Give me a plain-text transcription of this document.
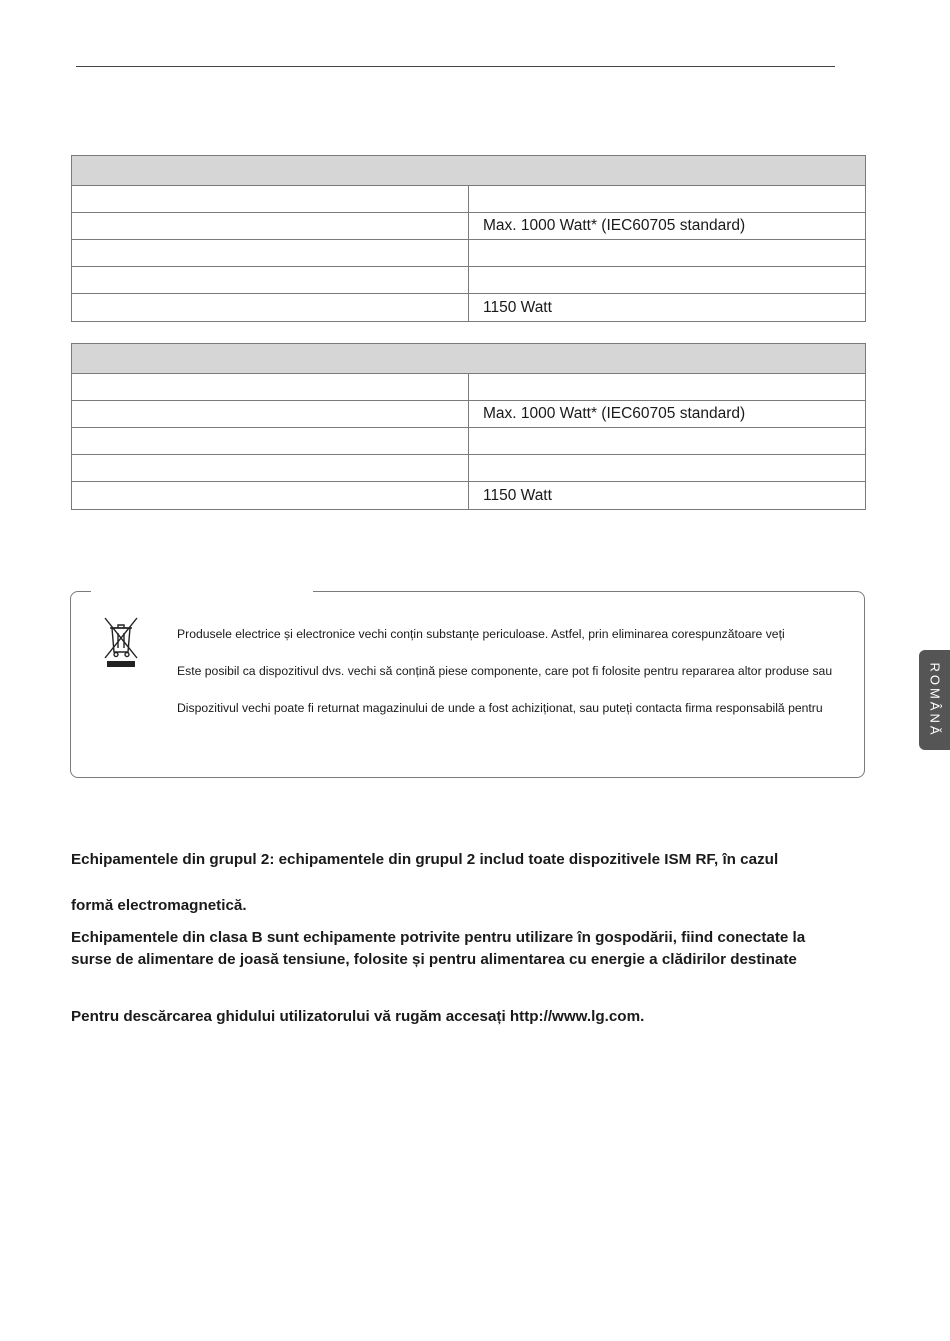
	Max. 1000 Watt* (IEC60705 standard)

	1150 Watt

	Max. 1000 Watt* (IEC60705 standard)

	1150 Watt
Produsele electrice și electronice vechi conțin substanțe periculoase. Astfel, prin eliminarea corespunzătoare veți
Este posibil ca dispozitivul dvs. vechi să conțină piese componente, care pot fi folosite pentru repararea altor produse sau
Dispozitivul vechi poate fi returnat magazinului de unde a fost achiziționat, sau puteți contacta firma responsabilă pentru
Echipamentele din grupul 2: echipamentele din grupul 2 includ toate dispozitivele ISM RF, în cazul
formă electromagnetică.
Echipamentele din clasa B sunt echipamente potrivite pentru utilizare în gospodării, fiind conectate la
surse de alimentare de joasă tensiune, folosite și pentru alimentarea cu energie a clădirilor destinate
Pentru descărcarea ghidului utilizatorului vă rugăm accesați http://www.lg.com.
ROMÂNĂ
